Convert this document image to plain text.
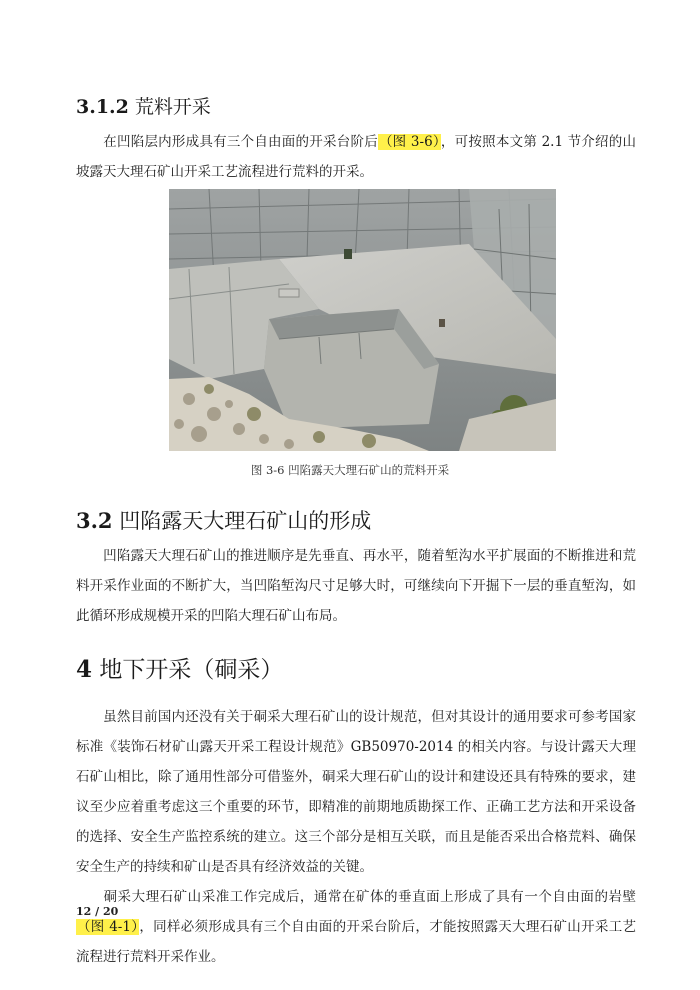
3.1.2 荒料开采

在凹陷层内形成具有三个自由面的开采台阶后（图 3-6），可按照本文第 2.1 节介绍的山坡露天大理石矿山开采工艺流程进行荒料的开采。

图 3-6 凹陷露天大理石矿山的荒料开采
3.2 凹陷露天大理石矿山的形成

凹陷露天大理石矿山的推进顺序是先垂直、再水平，随着堑沟水平扩展面的不断推进和荒料开采作业面的不断扩大，当凹陷堑沟尺寸足够大时，可继续向下开掘下一层的垂直堑沟，如此循环形成规模开采的凹陷大理石矿山布局。

4 地下开采（硐采）

虽然目前国内还没有关于硐采大理石矿山的设计规范，但对其设计的通用要求可参考国家标准《装饰石材矿山露天开采工程设计规范》GB50970-2014 的相关内容。与设计露天大理石矿山相比，除了通用性部分可借鉴外，硐采大理石矿山的设计和建设还具有特殊的要求，建议至少应着重考虑这三个重要的环节，即精准的前期地质勘探工作、正确工艺方法和开采设备的选择、安全生产监控系统的建立。这三个部分是相互关联，而且是能否采出合格荒料、确保安全生产的持续和矿山是否具有经济效益的关键。
硐采大理石矿山采准工作完成后，通常在矿体的垂直面上形成了具有一个自由面的岩壁（图 4-1），同样必须形成具有三个自由面的开采台阶后，才能按照露天大理石矿山开采工艺流程进行荒料开采作业。

12 / 20
